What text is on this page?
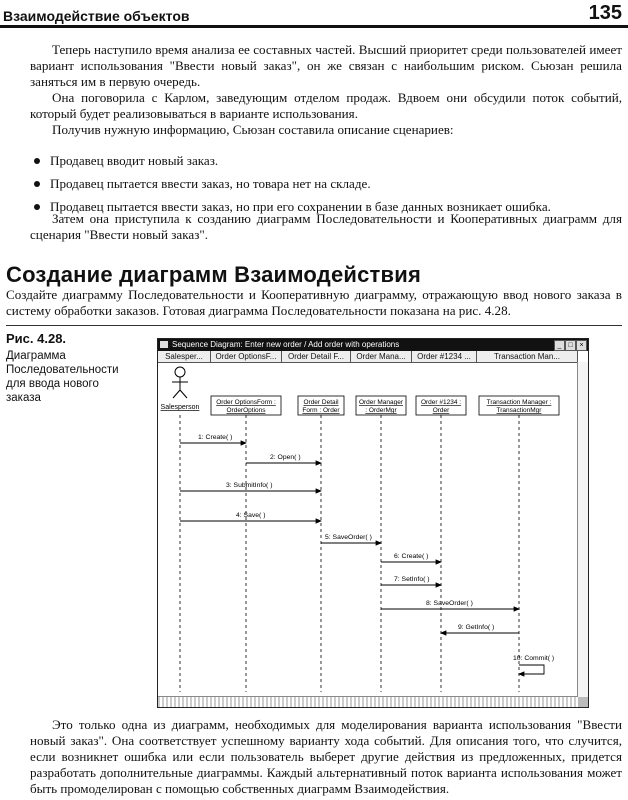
Взаимодействие объектов	135

Теперь наступило время анализа ее составных частей. Высший приоритет среди пользователей имеет вариант использования "Ввести новый заказ", он же связан с наибольшим риском. Сьюзан решила заняться им в первую очередь.

Она поговорила с Карлом, заведующим отделом продаж. Вдвоем они обсудили поток событий, который будет реализовываться в варианте использования.

Получив нужную информацию, Сьюзан составила описание сценариев:

Продавец вводит новый заказ.
Продавец пытается ввести заказ, но товара нет на складе.
Продавец пытается ввести заказ, но при его сохранении в базе данных возникает ошибка.

Затем она приступила к созданию диаграмм Последовательности и Кооперативных диаграмм для сценария "Ввести новый заказ".

Создание диаграмм Взаимодействия

Создайте диаграмму Последовательности и Кооперативную диаграмму, отражающую ввод нового заказа в систему обработки заказов. Готовая диаграмма Последовательности показана на рис. 4.28.

Рис. 4.28.
Диаграмма Последовательности для ввода нового заказа
Sequence Diagram: Enter new order / Add order with operations	_ □ ×
Salesper...	Order OptionsF...	Order Detail F...	Order Mana...	Order #1234 ...	Transaction Man...
Salesperson
Order OptionsForm :
OrderOptions
Order Detail
Form : Order
Order Manager
: OrderMgr
Order #1234 :
Order
Transaction Manager :
TransactionMgr
1: Create( )
2: Open( )
3: SubmitInfo( )
4: Save( )
5: SaveOrder( )
6: Create( )
7: SetInfo( )
8: SaveOrder( )
9: GetInfo( )
10: Commit( )

Это только одна из диаграмм, необходимых для моделирования варианта использования "Ввести новый заказ". Она соответствует успешному варианту хода событий. Для описания того, что случится, если возникнет ошибка или если пользователь выберет другие действия из предложенных, придется разработать дополнительные диаграммы. Каждый альтернативный поток варианта использования может быть промоделирован с помощью собственных диаграмм Взаимодействия.
